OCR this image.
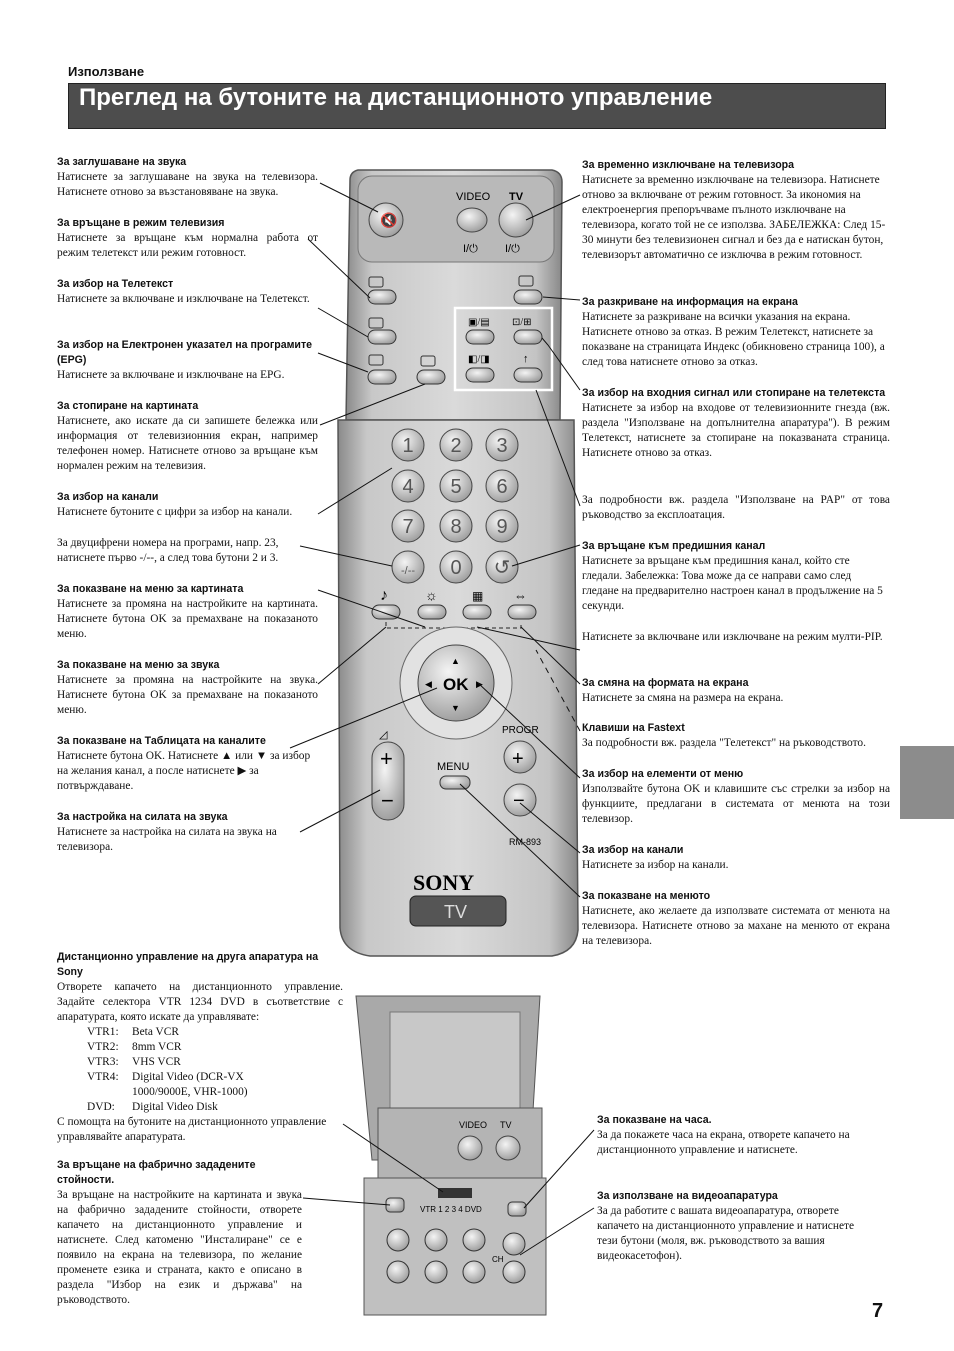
Използване
Преглед на бутоните на дистанционното управление
За заглушаване на звука
Натиснете за заглушаване на звука на телевизора. Натиснете отново за възстановяване на звука.
За връщане в режим телевизия
Натиснете за връщане към нормална работа от режим телетекст или режим готовност.
За избор на Телетекст
Натиснете за включване и изключване на Телетекст.
За избор на Електронен указател на програмите (EPG)
Натиснете за включване и изключване на EPG.
За стопиране на картината
Натиснете, ако искате да си запишете бележка или информация от телевизионния екран, например телефонен номер. Натиснете отново за връщане към нормален режим на телевизия.
За избор на канали
Натиснете бутоните с цифри за избор на канали.
За двуцифрени номера на програми, напр. 23, натиснете първо -/--, а след това бутони 2 и 3.
За показване на меню за картината
Натиснете за промяна на настройките на картината. Натиснете бутона OK за премахване на показаното меню.
За показване на меню за звука
Натиснете за промяна на настройките на звука. Натиснете бутона OK за премахване на показаното меню.
За показване на Таблицата на каналите
Натиснете бутона OK. Натиснете ▲ или ▼ за избор на желания канал, а после натиснете ▶ за потвърждаване.
За настройка на силата на звука
Натиснете за настройка на силата на звука на телевизора.
За временно изключване на телевизора
Натиснете за временно изключване на телевизора. Натиснете отново за включване от режим готовност. За икономия на електроенергия препоръчваме пълното изключване на телевизора, когато той не се използва. ЗАБЕЛЕЖКА: След 15-30 минути без телевизионен сигнал и без да е натискан бутон, телевизорът автоматично се изключва в режим готовност.
За разкриване на информация на екрана
Натиснете за разкриване на всички указания на екрана. Натиснете отново за отказ. В режим Телетекст, натиснете за показване на страницата Индекс (обикновено страница 100), а след това натиснете отново за отказ.
За избор на входния сигнал или стопиране на телетекста
Натиснете за избор на входове от телевизионните гнезда (вж. раздела "Използване на допълнителна апаратура"). В режим Телетекст, натиснете за стопиране на показваната страница. Натиснете отново за отказ.
За подробности вж. раздела "Използване на PAP" от това ръководство за експлоатация.
За връщане към предишния канал
Натиснете за връщане към предишния канал, който сте гледали. Забележка: Това може да се направи само след гледане на предварително настроен канал в продължение на 5 секунди.
Натиснете за включване или изключване на режим мулти-PIP.
За смяна на формата на екрана
Натиснете за смяна на размера на екрана.
Клавиши на Fastext
За подробности вж. раздела "Телетекст" на ръководството.
За избор на елементи от меню
Използвайте бутона OK и клавишите със стрелки за избор на функциите, предлагани в системата от менюта на този телевизор.
За избор на канали
Натиснете за избор на канали.
За показване на менюто
Натиснете, ако желаете да използвате системата от менюта на телевизора. Натиснете отново за махане на менюто от екрана на телевизора.
Дистанционно управление на друга апаратура на Sony
Отворете капачето на дистанционното управление. Задайте селектора VTR 1234 DVD в съответствие с апаратурата, която искате да управлявате:
VTR1:	Beta VCR
VTR2:	8mm VCR
VTR3:	VHS VCR
VTR4:	Digital Video (DCR-VX 1000/9000E, VHR-1000)
DVD:	Digital Video Disk
С помощта на бутоните на дистанционното управление управлявайте апаратурата.
За връщане на фабрично зададените стойности.
За връщане на настройките на картината и звука на фабрично зададените стойности, отворете капачето на дистанционното управление и натиснете. След катоменю "Инсталиране" се е появило на екрана на телевизора, по желание променете езика и страната, както е описано в раздела "Избор на език и държава" на ръководството.
За показване на часа.
За да покажете часа на екрана, отворете капачето на дистанционното управление и натиснете.
За използване на видеоапаратура
За да работите с вашата видеоапаратура, отворете капачето на дистанционното управление и натиснете тези бутони (моля, вж. ръководството за вашия видеокасетофон).
7
🔇
VIDEO TV
I/⏻ I/⏻
▣/▤ ⊡/⊞
◧/◨	↑
1 2 3
4 5 6
7 8 9
-/-- 0 ↺
♪	☼	▦ ⇔
OK
▲
▼
◀	▶
+
−
◿
+
−
PROGR
MENU
RM-893
SONY
TV
VIDEO TV
VTR 1 2 3 4 DVD
CH
